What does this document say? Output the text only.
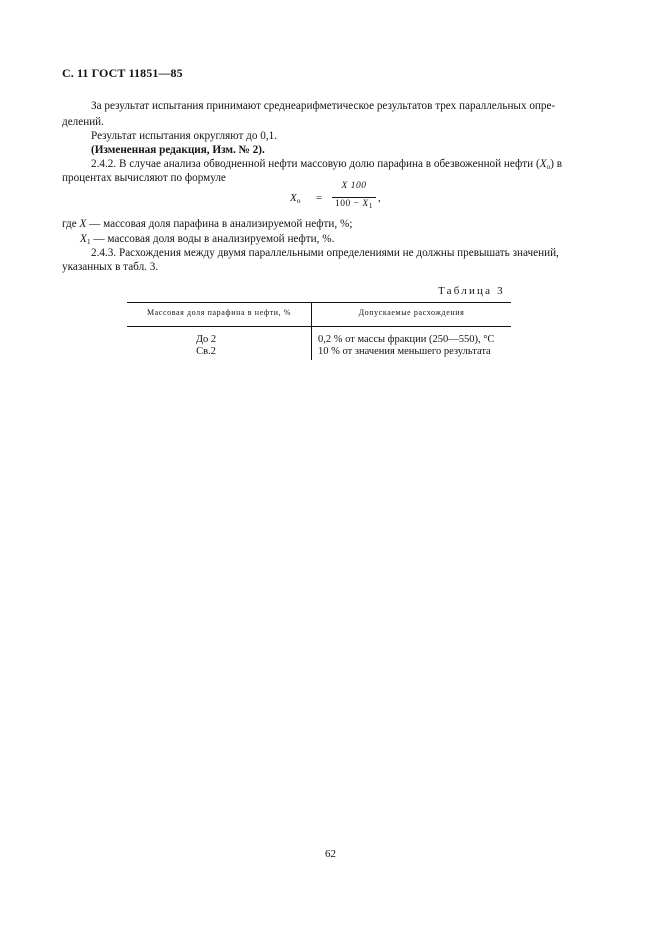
С. 11 ГОСТ 11851—85
За результат испытания принимают среднеарифметическое результатов трех параллельных опре-
делений.
Результат испытания округляют до 0,1.
(Измененная редакция, Изм. № 2).
2.4.2. В случае анализа обводненной нефти массовую долю парафина в обезвоженной нефти $(X_o)$ в
процентах вычисляют по формуле
$X_o$ =
X 100
$100 - X_1$
,
где X — массовая доля парафина в анализируемой нефти, %;
$X_1$ — массовая доля воды в анализируемой нефти, %.
2.4.3. Расхождения между двумя параллельными определениями не должны превышать значений,
указанных в табл. 3.
Таблица 3
Массовая доля парафина в нефти, %	Допускаемые расхождения
До 2	0,2 % от массы фракции (250—550), °С
Св.2	10 % от значения меньшего результата
62
